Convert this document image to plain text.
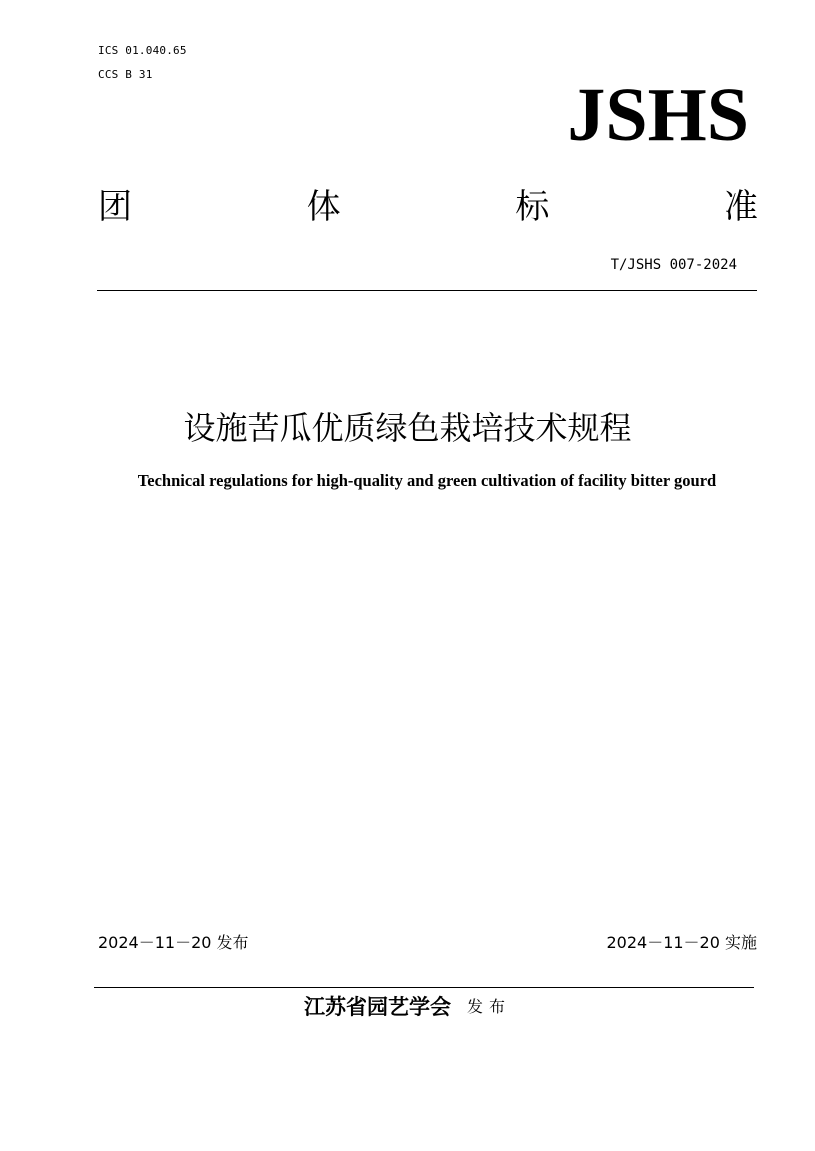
ICS 01.040.65
CCS B 31	JSHS
团	体	标	准
T/JSHS 007-2024
设施苦瓜优质绿色栽培技术规程
Technical regulations for high-quality and green cultivation of facility bitter gourd
2024－11－20 发布	2024－11－20 实施
江苏省园艺学会 发布
